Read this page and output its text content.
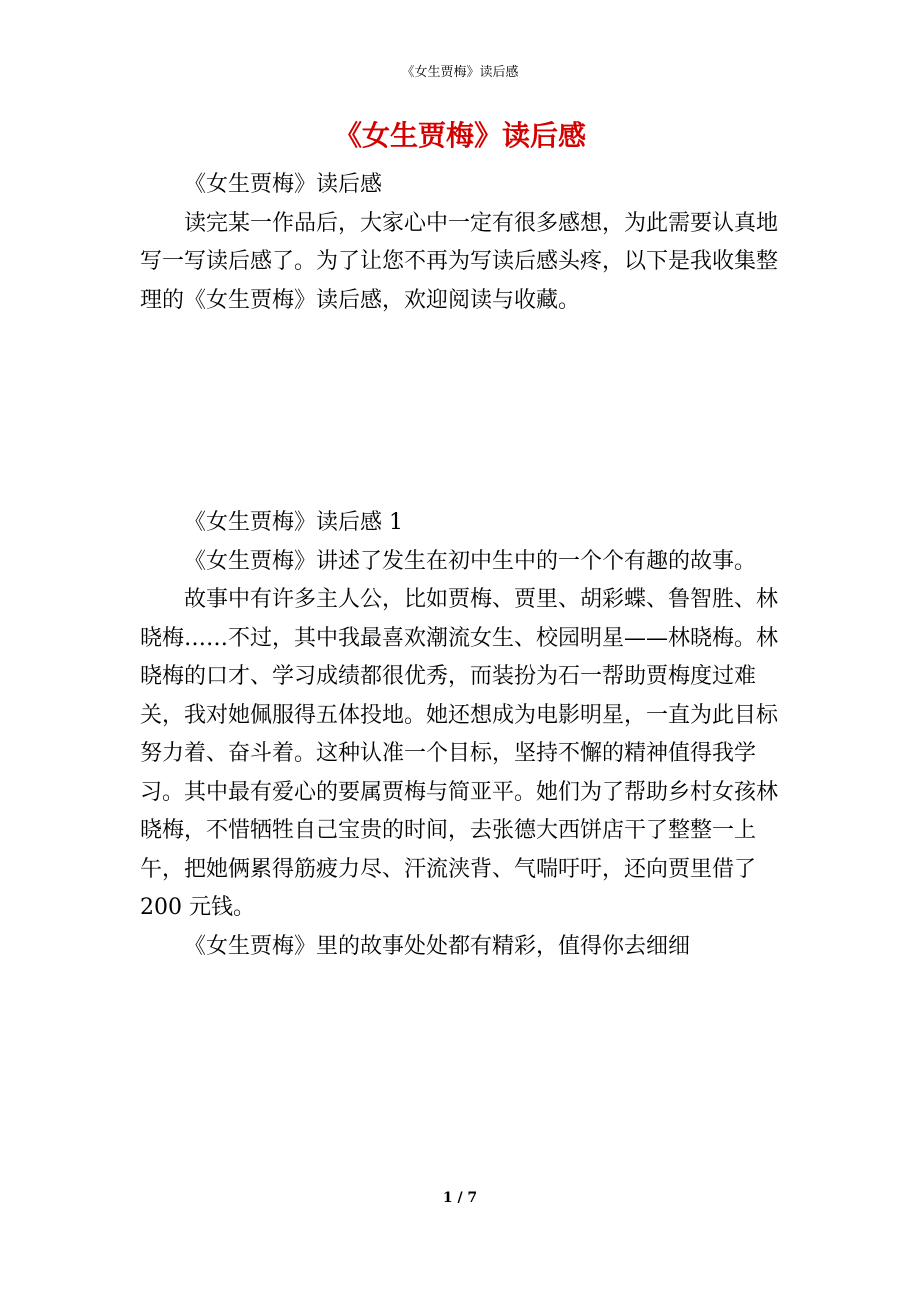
《女生贾梅》读后感
《女生贾梅》读后感

《女生贾梅》读后感

读完某一作品后，大家心中一定有很多感想，为此需要认真地写一写读后感了。为了让您不再为写读后感头疼，以下是我收集整理的《女生贾梅》读后感，欢迎阅读与收藏。

《女生贾梅》读后感 1

《女生贾梅》讲述了发生在初中生中的一个个有趣的故事。

故事中有许多主人公，比如贾梅、贾里、胡彩蝶、鲁智胜、林晓梅……不过，其中我最喜欢潮流女生、校园明星——林晓梅。林晓梅的口才、学习成绩都很优秀，而装扮为石一帮助贾梅度过难关，我对她佩服得五体投地。她还想成为电影明星，一直为此目标努力着、奋斗着。这种认准一个目标，坚持不懈的精神值得我学习。其中最有爱心的要属贾梅与简亚平。她们为了帮助乡村女孩林晓梅，不惜牺牲自己宝贵的时间，去张德大西饼店干了整整一上午，把她俩累得筋疲力尽、汗流浃背、气喘吁吁，还向贾里借了 200 元钱。

《女生贾梅》里的故事处处都有精彩，值得你去细细

1 / 7
